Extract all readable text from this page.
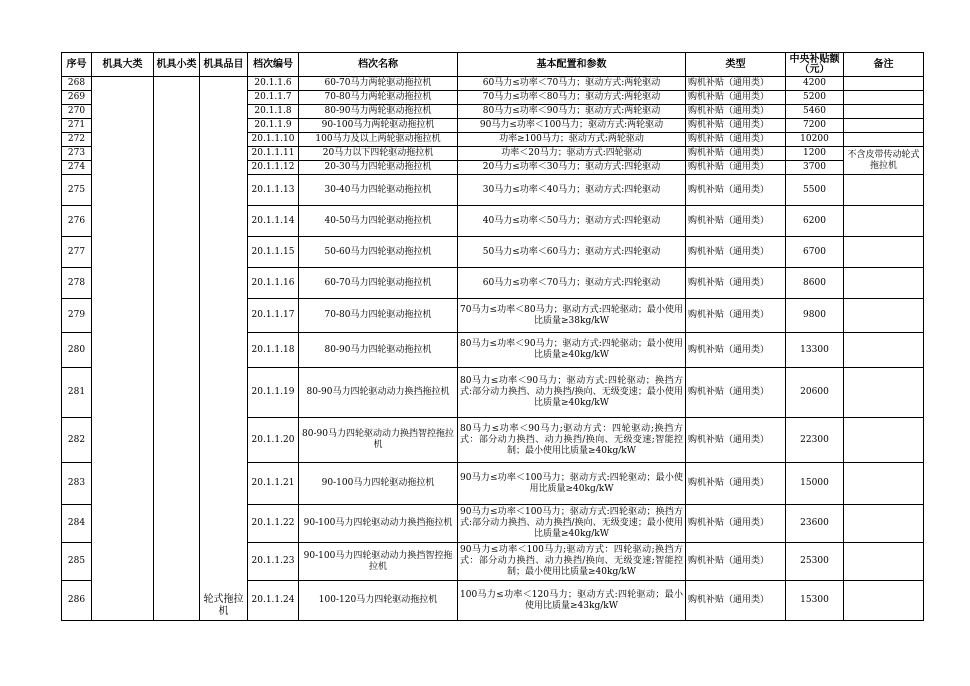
序号	机具大类	机具小类	机具品目	档次编号	档次名称	基本配置和参数	类型	中央补贴额（元）	备注
268			轮式拖拉机	20.1.1.6	60-70马力两轮驱动拖拉机	60马力≤功率＜70马力；驱动方式:两轮驱动	购机补贴（通用类）	4200	
269				20.1.1.7	70-80马力两轮驱动拖拉机	70马力≤功率＜80马力；驱动方式:两轮驱动	购机补贴（通用类）	5200	
270				20.1.1.8	80-90马力两轮驱动拖拉机	80马力≤功率＜90马力；驱动方式:两轮驱动	购机补贴（通用类）	5460	
271				20.1.1.9	90-100马力两轮驱动拖拉机	90马力≤功率＜100马力；驱动方式:两轮驱动	购机补贴（通用类）	7200	
272				20.1.1.10	100马力及以上两轮驱动拖拉机	功率≥100马力；驱动方式:两轮驱动	购机补贴（通用类）	10200	
273				20.1.1.11	20马力以下四轮驱动拖拉机	功率＜20马力；驱动方式:四轮驱动	购机补贴（通用类）	1200	不含皮带传动轮式拖拉机
274				20.1.1.12	20-30马力四轮驱动拖拉机	20马力≤功率＜30马力；驱动方式:四轮驱动	购机补贴（通用类）	3700	
275				20.1.1.13	30-40马力四轮驱动拖拉机	30马力≤功率＜40马力；驱动方式:四轮驱动	购机补贴（通用类）	5500	
276				20.1.1.14	40-50马力四轮驱动拖拉机	40马力≤功率＜50马力；驱动方式:四轮驱动	购机补贴（通用类）	6200	
277				20.1.1.15	50-60马力四轮驱动拖拉机	50马力≤功率＜60马力；驱动方式:四轮驱动	购机补贴（通用类）	6700	
278				20.1.1.16	60-70马力四轮驱动拖拉机	60马力≤功率＜70马力；驱动方式:四轮驱动	购机补贴（通用类）	8600	
279				20.1.1.17	70-80马力四轮驱动拖拉机	70马力≤功率＜80马力；驱动方式:四轮驱动；最小使用比质量≥38kg/kW	购机补贴（通用类）	9800	
280				20.1.1.18	80-90马力四轮驱动拖拉机	80马力≤功率＜90马力；驱动方式:四轮驱动；最小使用比质量≥40kg/kW	购机补贴（通用类）	13300	
281				20.1.1.19	80-90马力四轮驱动动力换挡拖拉机	80马力≤功率＜90马力；驱动方式:四轮驱动；换挡方式:部分动力换挡、动力换挡/换向、无级变速；最小使用比质量≥40kg/kW	购机补贴（通用类）	20600	
282				20.1.1.20	80-90马力四轮驱动动力换挡智控拖拉机	80马力≤功率＜90马力;驱动方式：四轮驱动;换挡方式：部分动力换挡、动力换挡/换向、无级变速;智能控制；最小使用比质量≥40kg/kW	购机补贴（通用类）	22300	
283				20.1.1.21	90-100马力四轮驱动拖拉机	90马力≤功率＜100马力；驱动方式:四轮驱动；最小使用比质量≥40kg/kW	购机补贴（通用类）	15000	
284				20.1.1.22	90-100马力四轮驱动动力换挡拖拉机	90马力≤功率＜100马力；驱动方式:四轮驱动；换挡方式:部分动力换挡、动力换挡/换向、无级变速；最小使用比质量≥40kg/kW	购机补贴（通用类）	23600	
285				20.1.1.23	90-100马力四轮驱动动力换挡智控拖拉机	90马力≤功率＜100马力;驱动方式：四轮驱动;换挡方式：部分动力换挡、动力换挡/换向、无级变速;智能控制；最小使用比质量≥40kg/kW	购机补贴（通用类）	25300	
286				20.1.1.24	100-120马力四轮驱动拖拉机	100马力≤功率＜120马力；驱动方式:四轮驱动；最小使用比质量≥43kg/kW	购机补贴（通用类）	15300	
